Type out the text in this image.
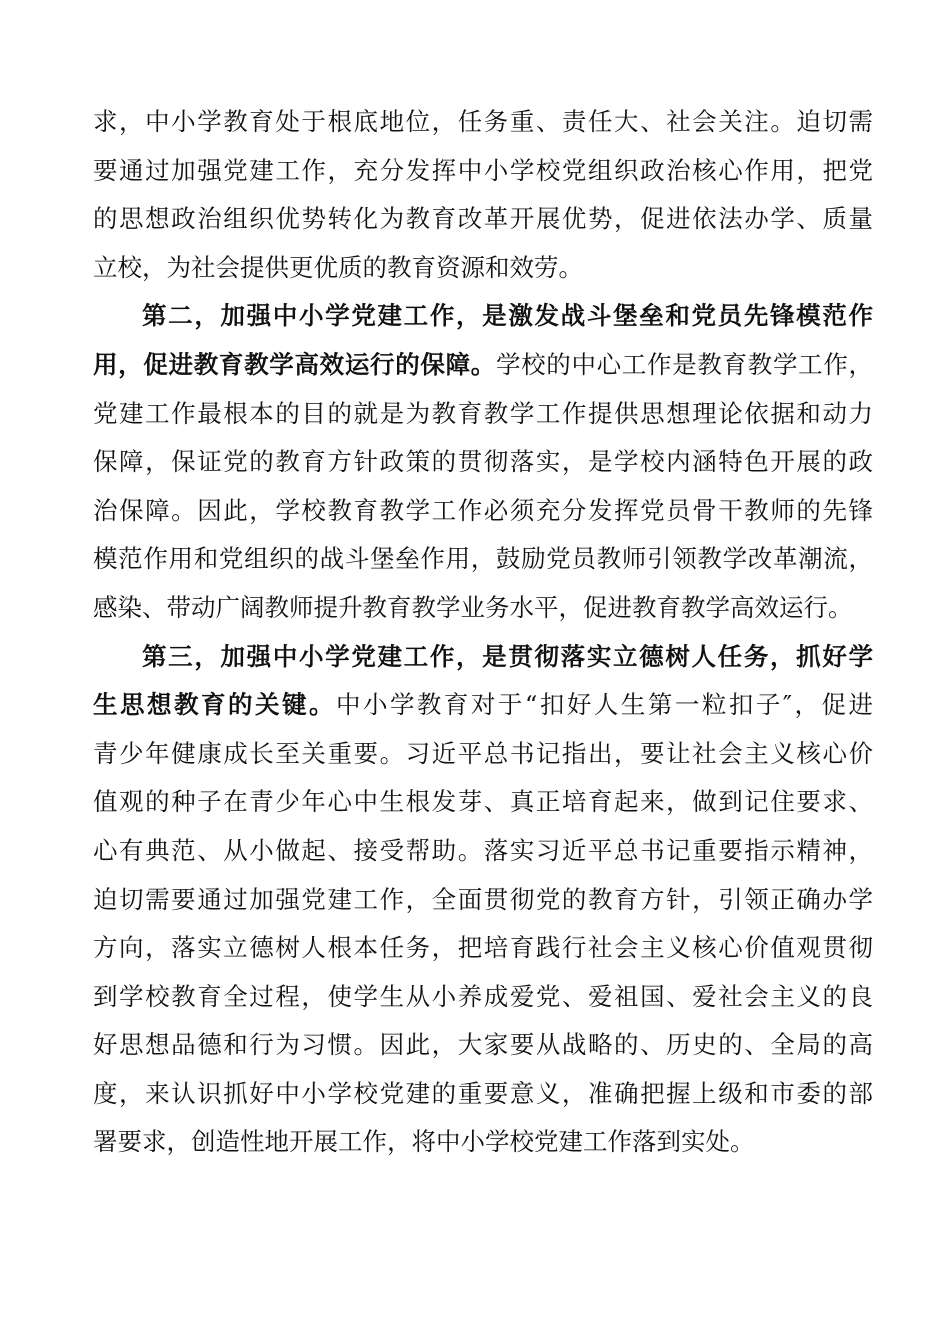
求，中小学教育处于根底地位，任务重、责任大、社会关注。迫切需
要通过加强党建工作，充分发挥中小学校党组织政治核心作用，把党
的思想政治组织优势转化为教育改革开展优势，促进依法办学、质量
立校，为社会提供更优质的教育资源和效劳。
第二，加强中小学党建工作，是激发战斗堡垒和党员先锋模范作
用，促进教育教学高效运行的保障。学校的中心工作是教育教学工作，
党建工作最根本的目的就是为教育教学工作提供思想理论依据和动力
保障，保证党的教育方针政策的贯彻落实，是学校内涵特色开展的政
治保障。因此，学校教育教学工作必须充分发挥党员骨干教师的先锋
模范作用和党组织的战斗堡垒作用，鼓励党员教师引领教学改革潮流，
感染、带动广阔教师提升教育教学业务水平，促进教育教学高效运行。
第三，加强中小学党建工作，是贯彻落实立德树人任务，抓好学
生思想教育的关键。中小学教育对于“扣好人生第一粒扣子″，促进
青少年健康成长至关重要。习近平总书记指出，要让社会主义核心价
值观的种子在青少年心中生根发芽、真正培育起来，做到记住要求、
心有典范、从小做起、接受帮助。落实习近平总书记重要指示精神，
迫切需要通过加强党建工作，全面贯彻党的教育方针，引领正确办学
方向，落实立德树人根本任务，把培育践行社会主义核心价值观贯彻
到学校教育全过程，使学生从小养成爱党、爱祖国、爱社会主义的良
好思想品德和行为习惯。因此，大家要从战略的、历史的、全局的高
度，来认识抓好中小学校党建的重要意义，准确把握上级和市委的部
署要求，创造性地开展工作，将中小学校党建工作落到实处。
